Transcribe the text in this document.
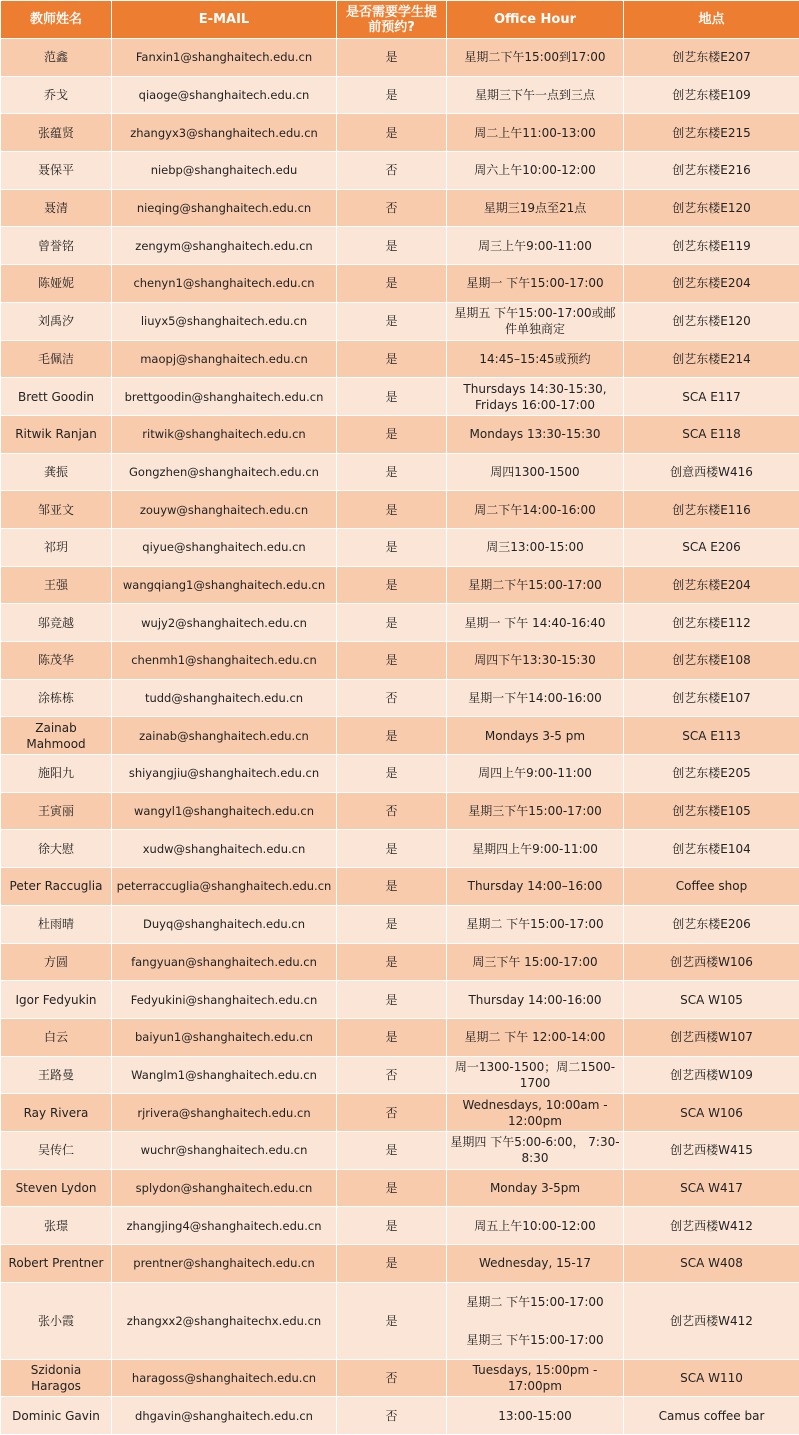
教师姓名	E-MAIL	是否需要学生提前预约?	Office Hour	地点
范鑫	Fanxin1@shanghaitech.edu.cn	是	星期二下午15:00到17:00	创艺东楼E207
乔戈	qiaoge@shanghaitech.edu.cn	是	星期三下午一点到三点	创艺东楼E109
张蕴贤	zhangyx3@shanghaitech.edu.cn	是	周二上午11:00-13:00	创艺东楼E215
聂保平	niebp@shanghaitech.edu	否	周六上午10:00-12:00	创艺东楼E216
聂清	nieqing@shanghaitech.edu.cn	否	星期三19点至21点	创艺东楼E120
曾誉铭	zengym@shanghaitech.edu.cn	是	周三上午9:00-11:00	创艺东楼E119
陈娅妮	chenyn1@shanghaitech.edu.cn	是	星期一 下午15:00-17:00	创艺东楼E204
刘禹汐	liuyx5@shanghaitech.edu.cn	是	星期五 下午15:00-17:00或邮
件单独商定	创艺东楼E120
毛佩洁	maopj@shanghaitech.edu.cn	是	14:45–15:45或预约	创艺东楼E214
Brett Goodin	brettgoodin@shanghaitech.edu.cn	是	Thursdays 14:30-15:30,
Fridays 16:00-17:00	SCA E117
Ritwik Ranjan	ritwik@shanghaitech.edu.cn	是	Mondays 13:30-15:30	SCA E118
龚振	Gongzhen@shanghaitech.edu.cn	是	周四1300-1500	创意西楼W416
邹亚文	zouyw@shanghaitech.edu.cn	是	周二下午14:00-16:00	创艺东楼E116
祁玥	qiyue@shanghaitech.edu.cn	是	周三13:00-15:00	SCA E206
王强	wangqiang1@shanghaitech.edu.cn	是	星期二下午15:00-17:00	创艺东楼E204
邬竞越	wujy2@shanghaitech.edu.cn	是	星期一 下午 14:40-16:40	创艺东楼E112
陈茂华	chenmh1@shanghaitech.edu.cn	是	周四下午13:30-15:30	创艺东楼E108
涂栋栋	tudd@shanghaitech.edu.cn	否	星期一下午14:00-16:00	创艺东楼E107
Zainab Mahmood	zainab@shanghaitech.edu.cn	是	Mondays 3-5 pm	SCA E113
施阳九	shiyangjiu@shanghaitech.edu.cn	是	周四上午9:00-11:00	创艺东楼E205
王寅丽	wangyl1@shanghaitech.edu.cn	否	星期三下午15:00-17:00	创艺东楼E105
徐大慰	xudw@shanghaitech.edu.cn	是	星期四上午9:00-11:00	创艺东楼E104
Peter Raccuglia	peterraccuglia@shanghaitech.edu.cn	是	Thursday 14:00–16:00	Coffee shop
杜雨晴	Duyq@shanghaitech.edu.cn	是	星期二 下午15:00-17:00	创艺东楼E206
方圆	fangyuan@shanghaitech.edu.cn	是	周三下午 15:00-17:00	创艺西楼W106
Igor Fedyukin	Fedyukini@shanghaitech.edu.cn	是	Thursday 14:00-16:00	SCA W105
白云	baiyun1@shanghaitech.edu.cn	是	星期二 下午 12:00-14:00	创艺西楼W107
王路曼	Wanglm1@shanghaitech.edu.cn	否	周一1300-1500；周二1500-
1700	创艺西楼W109
Ray Rivera	rjrivera@shanghaitech.edu.cn	否	Wednesdays, 10:00am -
12:00pm	SCA W106
吴传仁	wuchr@shanghaitech.edu.cn	是	星期四 下午5:00-6:00， 7:30-
8:30	创艺西楼W415
Steven Lydon	splydon@shanghaitech.edu.cn	是	Monday 3-5pm	SCA W417
张璟	zhangjing4@shanghaitech.edu.cn	是	周五上午10:00-12:00	创艺西楼W412
Robert Prentner	prentner@shanghaitech.edu.cn	是	Wednesday, 15-17	SCA W408
张小霞	zhangxx2@shanghaitechx.edu.cn	是	星期二 下午15:00-17:00
星期三 下午15:00-17:00	创艺西楼W412
Szidonia Haragos	haragoss@shanghaitech.edu.cn	否	Tuesdays, 15:00pm - 17:00pm	SCA W110
Dominic Gavin	dhgavin@shanghaitech.edu.cn	否	13:00-15:00	Camus coffee bar
